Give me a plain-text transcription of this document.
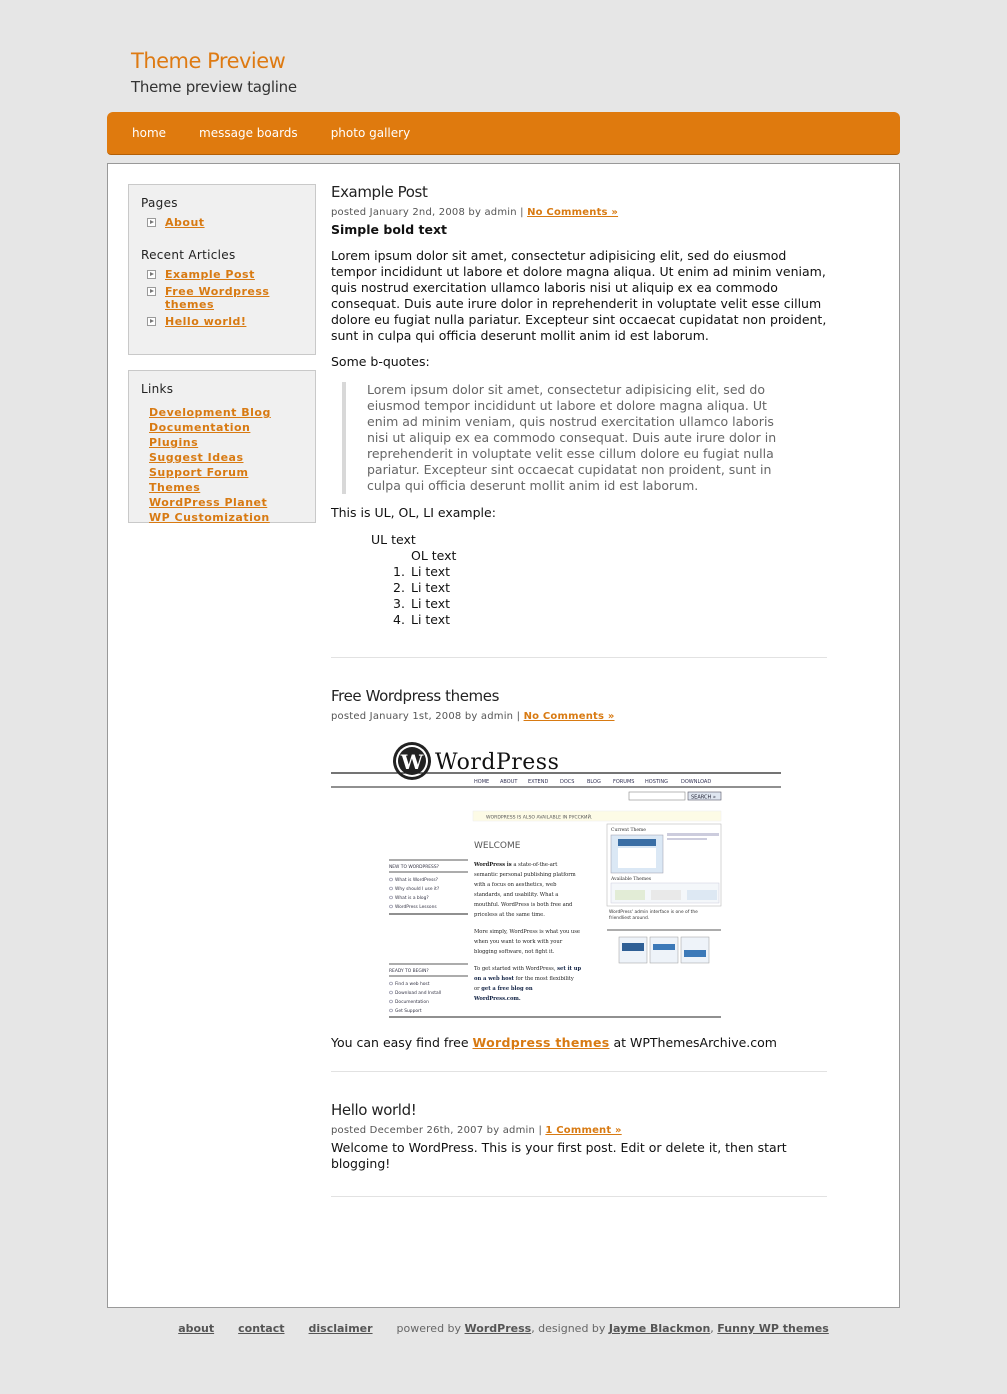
Theme Preview
Theme preview tagline
home	message boards	photo gallery
Pages
About
Recent Articles
Example Post
Free Wordpress themes
Hello world!
Links
Development Blog
Documentation
Plugins
Suggest Ideas
Support Forum
Themes
WordPress Planet
WP Customization
Example Post
posted January 2nd, 2008 by admin | No Comments »

Simple bold text

Lorem ipsum dolor sit amet, consectetur adipisicing elit, sed do eiusmod tempor incididunt ut labore et dolore magna aliqua. Ut enim ad minim veniam, quis nostrud exercitation ullamco laboris nisi ut aliquip ex ea commodo consequat. Duis aute irure dolor in reprehenderit in voluptate velit esse cillum dolore eu fugiat nulla pariatur. Excepteur sint occaecat cupidatat non proident, sunt in culpa qui officia deserunt mollit anim id est laborum.

Some b-quotes:

Lorem ipsum dolor sit amet, consectetur adipisicing elit, sed do eiusmod tempor incididunt ut labore et dolore magna aliqua. Ut enim ad minim veniam, quis nostrud exercitation ullamco laboris nisi ut aliquip ex ea commodo consequat. Duis aute irure dolor in reprehenderit in voluptate velit esse cillum dolore eu fugiat nulla pariatur. Excepteur sint occaecat cupidatat non proident, sunt in culpa qui officia deserunt mollit anim id est laborum.

This is UL, OL, LI example:

UL text
OL text
1. Li text
2. Li text
3. Li text
4. Li text
Free Wordpress themes
posted January 1st, 2008 by admin | No Comments »
W WordPress
HOME ABOUT EXTEND DOCS	BLOG FORUMS HOSTING	DOWNLOAD
SEARCH »
WORDPRESS IS ALSO AVAILABLE IN РУССКИЙ.
WELCOME
WordPress is a state-of-the-art
semantic personal publishing platform
with a focus on aesthetics, web
standards, and usability. What a
mouthful. WordPress is both free and
priceless at the same time.
More simply, WordPress is what you use
when you want to work with your
blogging software, not fight it.
To get started with WordPress, set it up
on a web host for the most flexibility
or get a free blog on
WordPress.com.
NEW TO WORDPRESS?
What is WordPress?
Why should I use it?
What is a blog?
WordPress Lessons
READY TO BEGIN?
Find a web host
Download and Install
Documentation
Get Support
Current Theme
Available Themes
WordPress' admin interface is one of the
friendliest around.

You can easy find free Wordpress themes at WPThemesArchive.com

Hello world!
posted December 26th, 2007 by admin | 1 Comment »

Welcome to WordPress. This is your first post. Edit or delete it, then start blogging!

about contact disclaimer powered by WordPress, designed by Jayme Blackmon, Funny WP themes
